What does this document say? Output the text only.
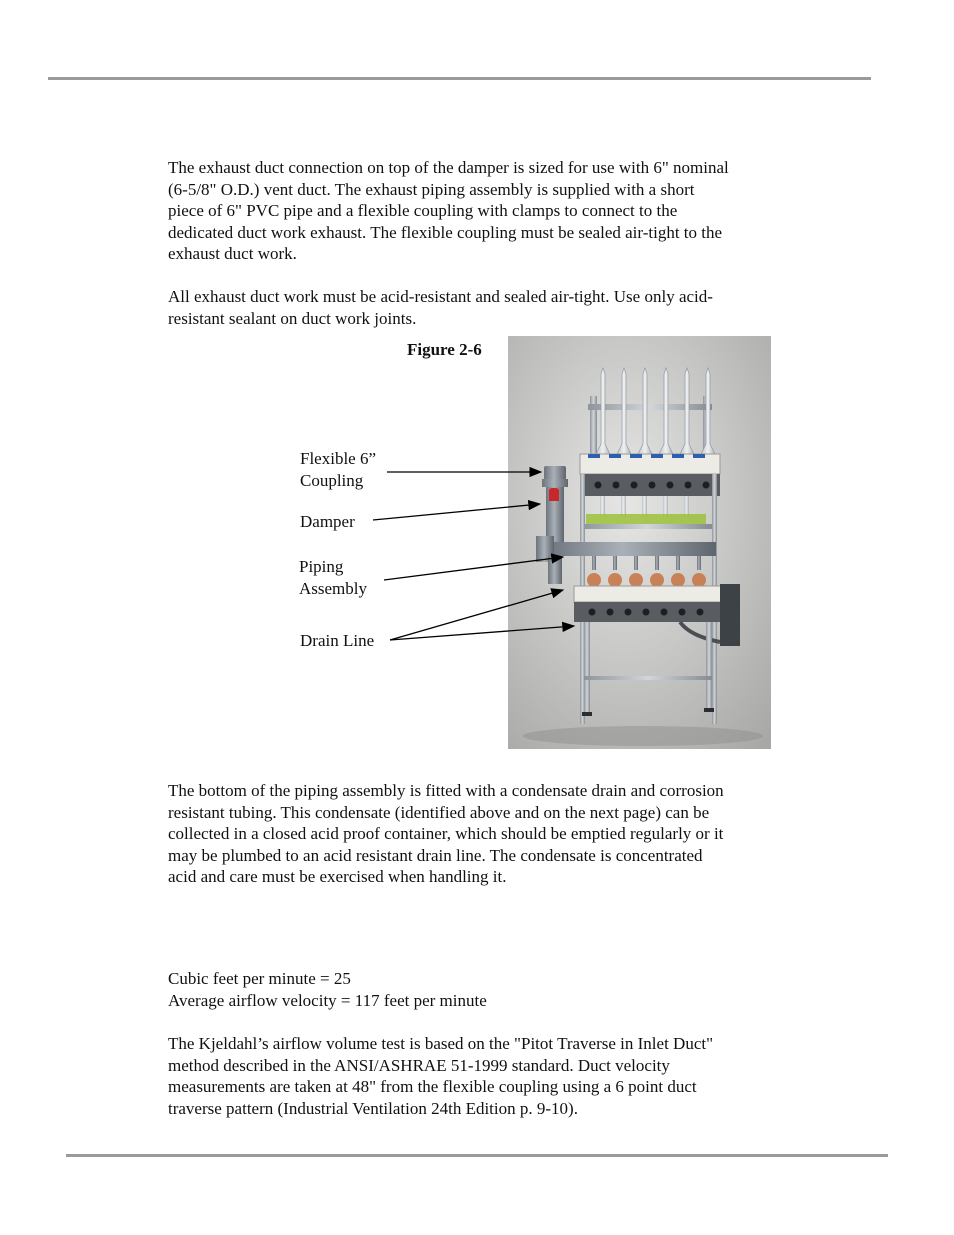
The exhaust duct connection on top of the damper is sized for use with 6" nominal
(6-5/8" O.D.) vent duct. The exhaust piping assembly is supplied with a short
piece of 6" PVC pipe and a flexible coupling with clamps to connect to the
dedicated duct work exhaust. The flexible coupling must be sealed air-tight to the
exhaust duct work.

All exhaust duct work must be acid-resistant and sealed air-tight. Use only acid-
resistant sealant on duct work joints.

Figure 2-6
Flexible 6”
Coupling
Damper
Piping
Assembly
Drain Line

The bottom of the piping assembly is fitted with a condensate drain and corrosion
resistant tubing. This condensate (identified above and on the next page) can be
collected in a closed acid proof container, which should be emptied regularly or it
may be plumbed to an acid resistant drain line. The condensate is concentrated
acid and care must be exercised when handling it.

Cubic feet per minute = 25
Average airflow velocity = 117 feet per minute

The Kjeldahl’s airflow volume test is based on the "Pitot Traverse in Inlet Duct"
method described in the ANSI/ASHRAE 51-1999 standard. Duct velocity
measurements are taken at 48" from the flexible coupling using a 6 point duct
traverse pattern (Industrial Ventilation 24th Edition p. 9-10).
